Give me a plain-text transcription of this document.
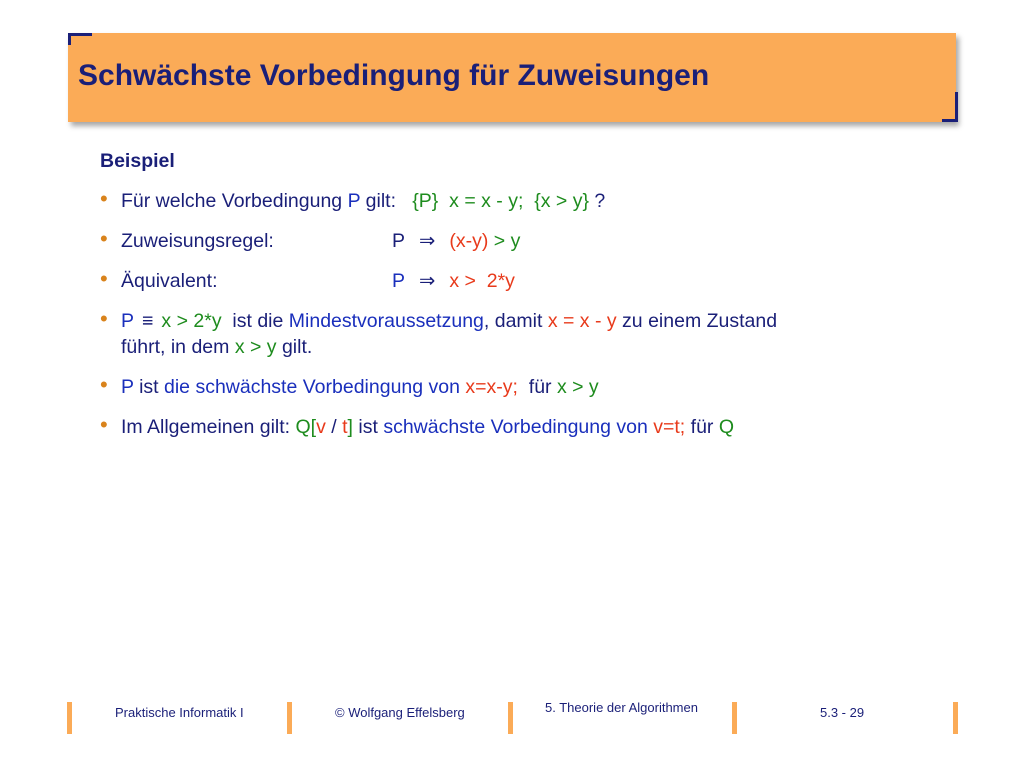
Schwächste Vorbedingung für Zuweisungen
Beispiel
• Für welche Vorbedingung P gilt:   {P} x = x - y; {x > y} ?
• Zuweisungsregel:	P ⇒ (x-y) > y
• Äquivalent:	P ⇒ x >  2*y
• P ≡ x > 2*y  ist die Mindestvoraussetzung, damit x = x - y zu einem Zustand
führt, in dem x > y gilt.
• P ist die schwächste Vorbedingung von x=x-y;  für x > y
• Im Allgemeinen gilt: Q[v / t] ist schwächste Vorbedingung von v=t; für Q
Praktische Informatik I	© Wolfgang Effelsberg	5. Theorie der Algorithmen	5.3 - 29
